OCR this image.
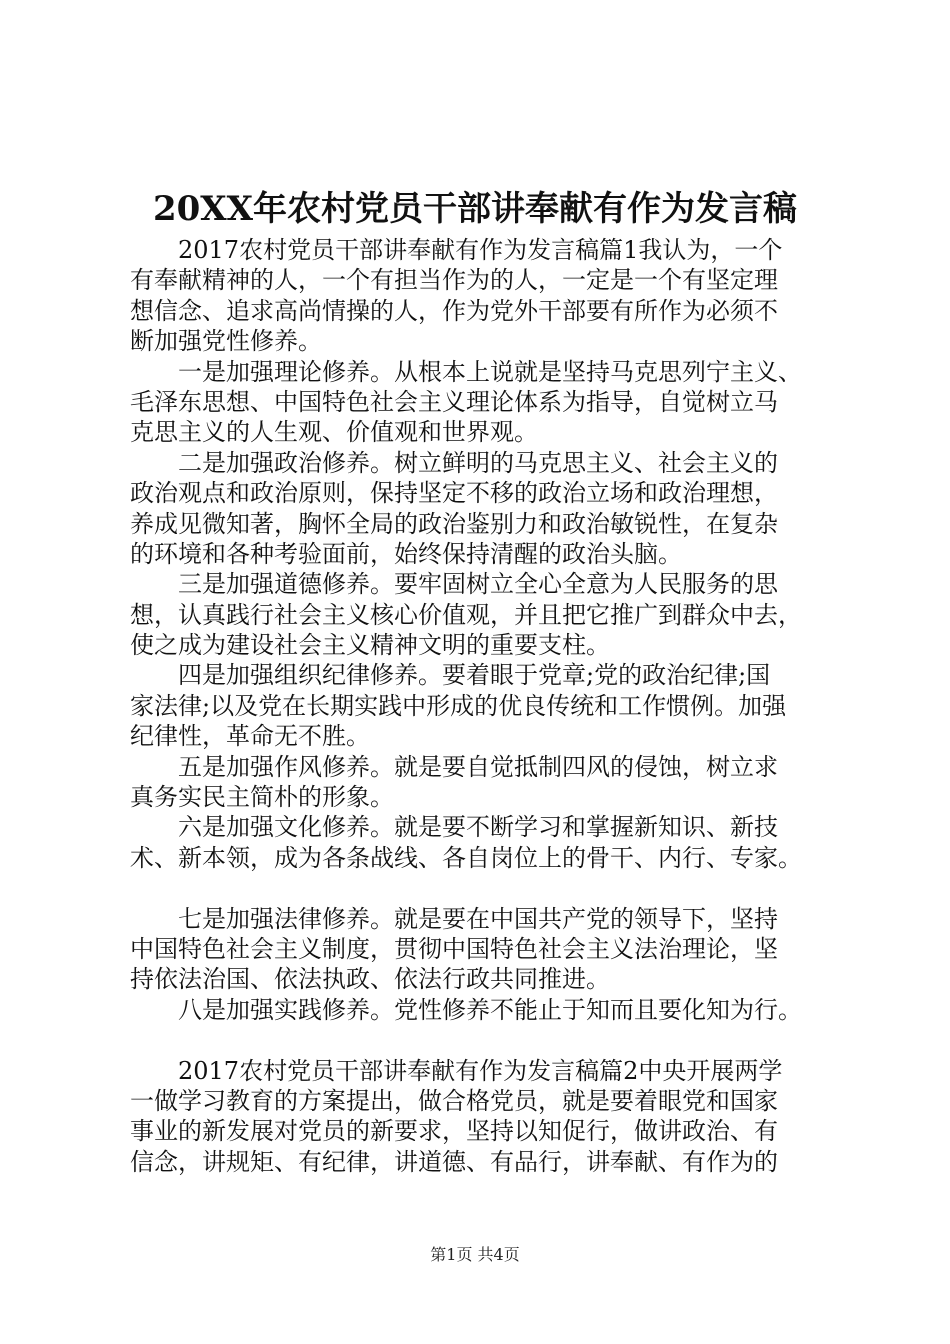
20XX年农村党员干部讲奉献有作为发言稿
2017农村党员干部讲奉献有作为发言稿篇1我认为，一个
有奉献精神的人，一个有担当作为的人，一定是一个有坚定理
想信念、追求高尚情操的人，作为党外干部要有所作为必须不
断加强党性修养。
一是加强理论修养。从根本上说就是坚持马克思列宁主义、
毛泽东思想、中国特色社会主义理论体系为指导，自觉树立马
克思主义的人生观、价值观和世界观。
二是加强政治修养。树立鲜明的马克思主义、社会主义的
政治观点和政治原则，保持坚定不移的政治立场和政治理想，
养成见微知著，胸怀全局的政治鉴别力和政治敏锐性，在复杂
的环境和各种考验面前，始终保持清醒的政治头脑。
三是加强道德修养。要牢固树立全心全意为人民服务的思
想，认真践行社会主义核心价值观，并且把它推广到群众中去，
使之成为建设社会主义精神文明的重要支柱。
四是加强组织纪律修养。要着眼于党章;党的政治纪律;国
家法律;以及党在长期实践中形成的优良传统和工作惯例。加强
纪律性，革命无不胜。
五是加强作风修养。就是要自觉抵制四风的侵蚀，树立求
真务实民主简朴的形象。
六是加强文化修养。就是要不断学习和掌握新知识、新技
术、新本领，成为各条战线、各自岗位上的骨干、内行、专家。
七是加强法律修养。就是要在中国共产党的领导下，坚持
中国特色社会主义制度，贯彻中国特色社会主义法治理论，坚
持依法治国、依法执政、依法行政共同推进。
八是加强实践修养。党性修养不能止于知而且要化知为行。
2017农村党员干部讲奉献有作为发言稿篇2中央开展两学
一做学习教育的方案提出，做合格党员，就是要着眼党和国家
事业的新发展对党员的新要求，坚持以知促行，做讲政治、有
信念，讲规矩、有纪律，讲道德、有品行，讲奉献、有作为的
第1页 共4页
